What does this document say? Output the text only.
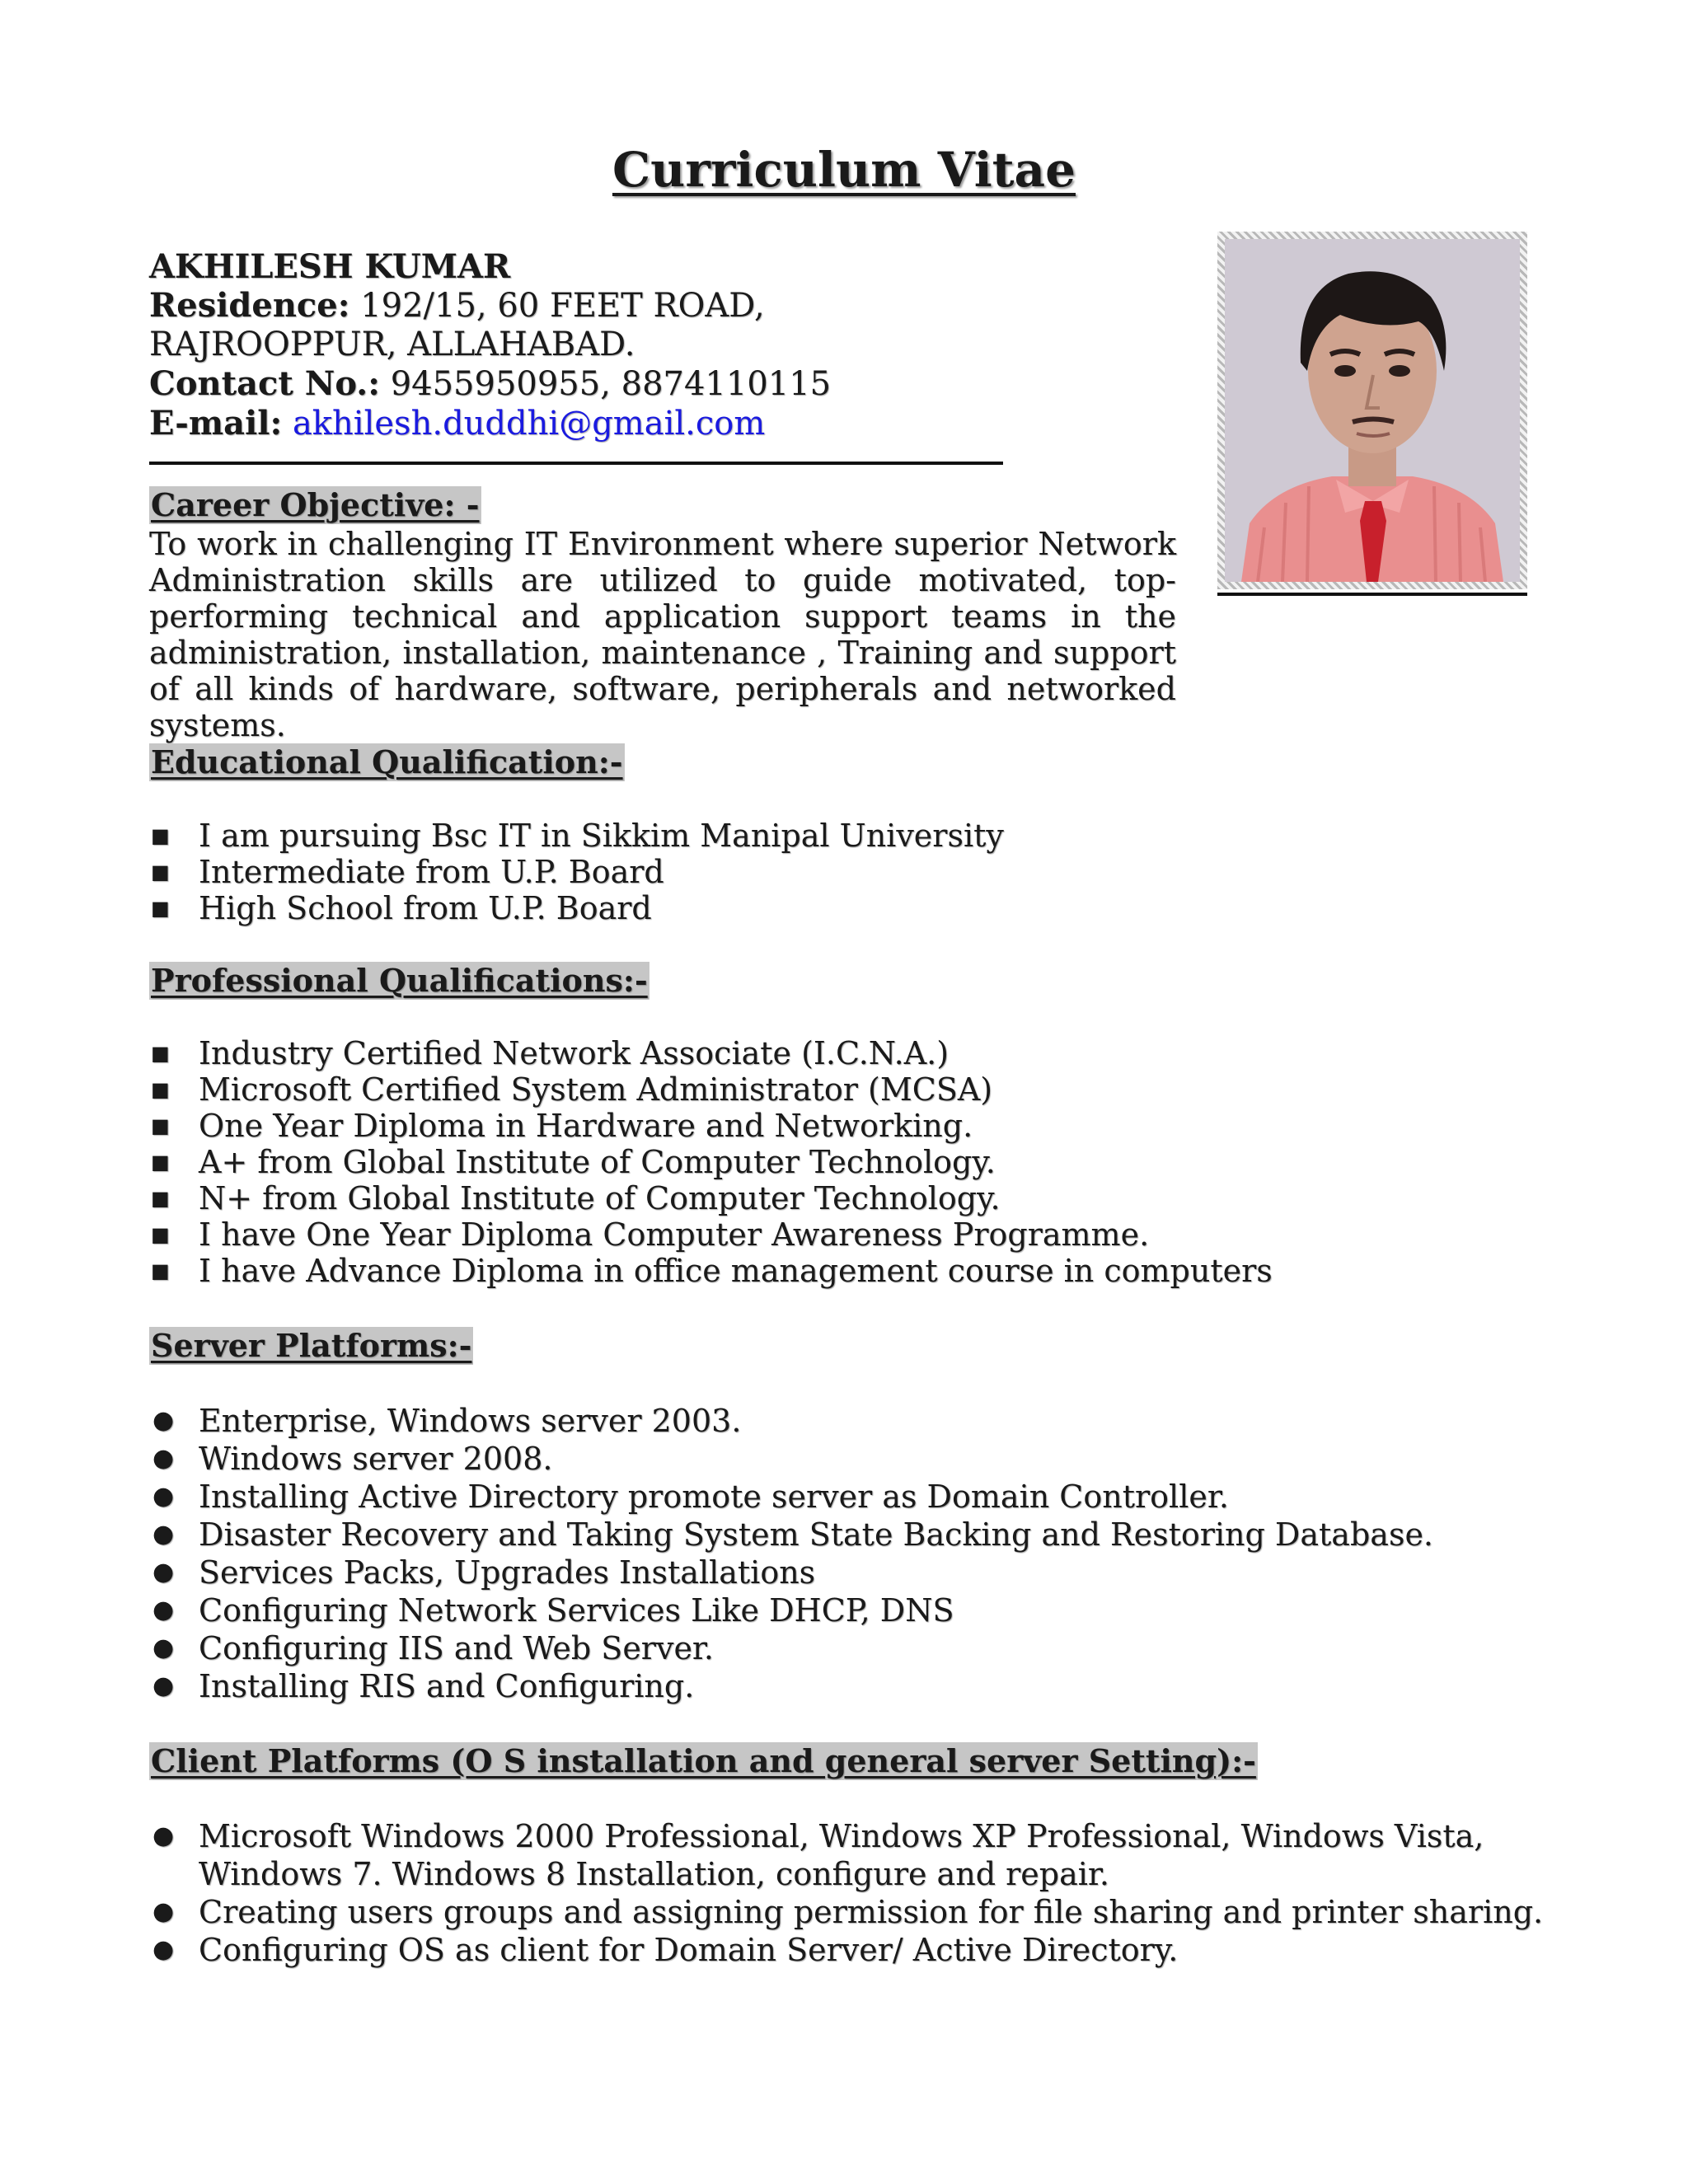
Curriculum Vitae
AKHILESH KUMAR
Residence: 192/15, 60 FEET ROAD,
RAJROOPPUR, ALLAHABAD.
Contact No.: 9455950955, 8874110115
E-mail: akhilesh.duddhi@gmail.com
Career Objective: -
To work in challenging IT Environment where superior Network Administration skills are utilized to guide motivated, top-performing technical and application support teams in the administration, installation, maintenance , Training and support of all kinds of hardware, software, peripherals and networked systems.
Educational Qualification:-
■ I am pursuing Bsc IT in Sikkim Manipal University
■ Intermediate from U.P. Board
■ High School from U.P. Board
Professional Qualifications:-
■ Industry Certified Network Associate (I.C.N.A.)
■ Microsoft Certified System Administrator (MCSA)
■ One Year Diploma in Hardware and Networking.
■ A+ from Global Institute of Computer Technology.
■ N+ from Global Institute of Computer Technology.
■ I have One Year Diploma Computer Awareness Programme.
■ I have Advance Diploma in office management course in computers
Server Platforms:-
● Enterprise, Windows server 2003.
● Windows server 2008.
● Installing Active Directory promote server as Domain Controller.
● Disaster Recovery and Taking System State Backing and Restoring Database.
● Services Packs, Upgrades Installations
● Configuring Network Services Like DHCP, DNS
● Configuring IIS and Web Server.
● Installing RIS and Configuring.
Client Platforms (O S installation and general server Setting):-
● Microsoft Windows 2000 Professional, Windows XP Professional, Windows Vista, Windows 7. Windows 8 Installation, configure and repair.
● Creating users groups and assigning permission for file sharing and printer sharing.
● Configuring OS as client for Domain Server/ Active Directory.
